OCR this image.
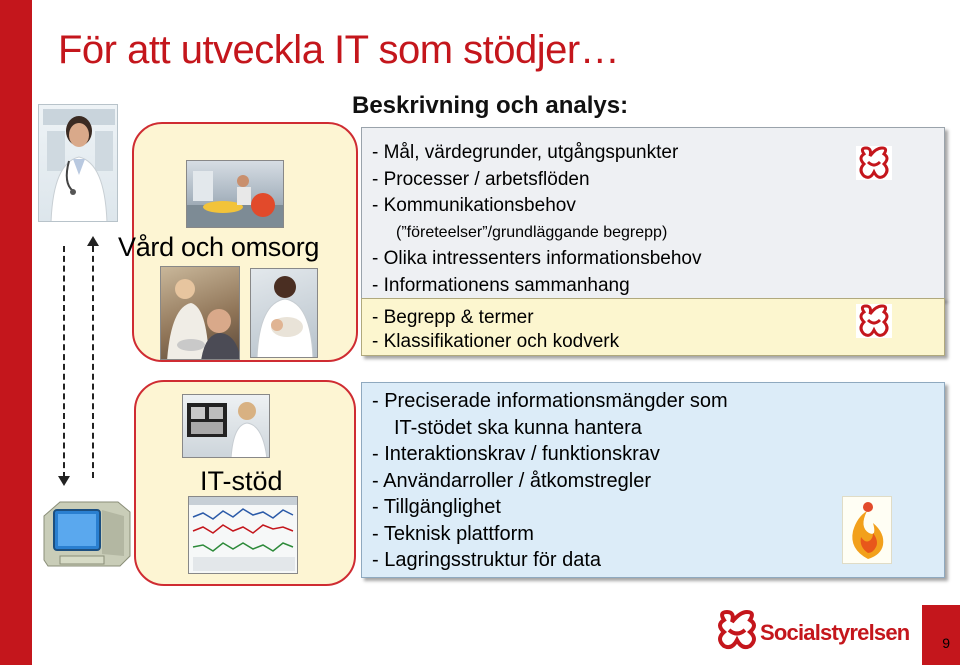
9
För att utveckla IT som stödjer…
Beskrivning och analys:
Vård och omsorg
IT-stöd
- Mål, värdegrunder, utgångspunkter
- Processer / arbetsflöden
- Kommunikationsbehov
(”företeelser”/grundläggande begrepp)
- Olika intressenters informationsbehov
- Informationens sammanhang
- Begrepp & termer
- Klassifikationer och kodverk
- Preciserade informationsmängder som
IT-stödet ska kunna hantera
- Interaktionskrav / funktionskrav
- Användarroller / åtkomstregler
- Tillgänglighet
- Teknisk plattform
- Lagringsstruktur för data
Socialstyrelsen
